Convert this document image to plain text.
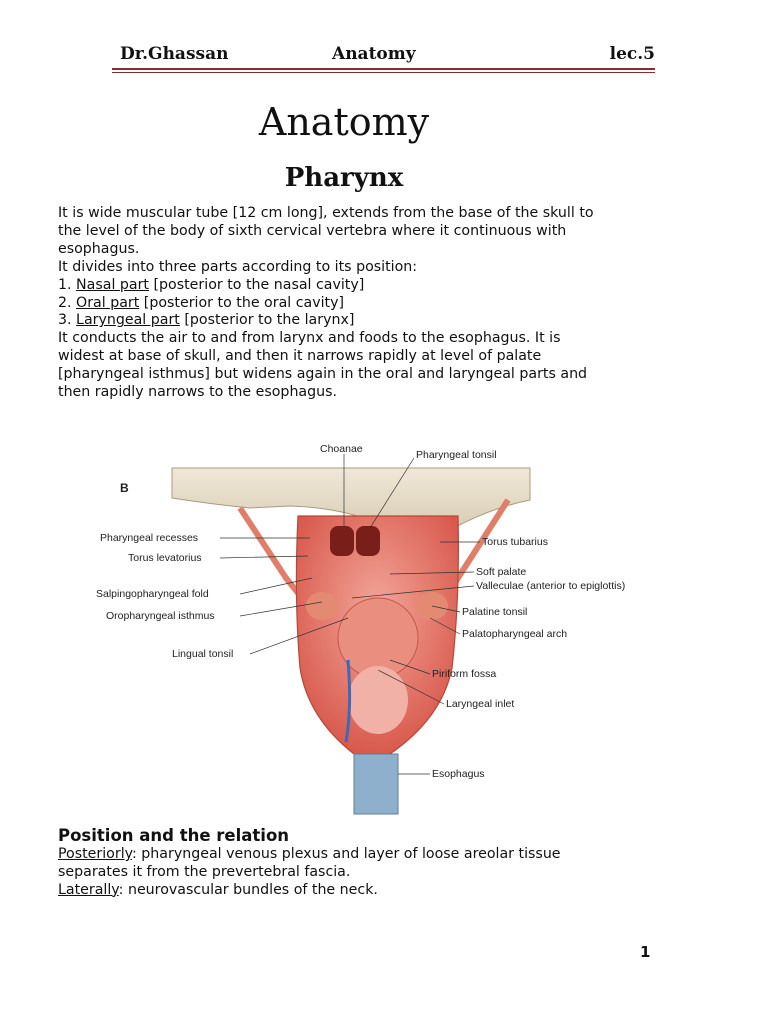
Dr.Ghassan	Anatomy	lec.5
Anatomy
Pharynx

It is wide muscular tube [12 cm long], extends from the base of the skull to

the level of the body of sixth cervical vertebra where it continuous with

esophagus.

It divides into three parts according to its position:

1. Nasal part [posterior to the nasal cavity]

2. Oral part [posterior to the oral cavity]

3. Laryngeal part [posterior to the larynx]

It conducts the air to and from larynx and foods to the esophagus. It is

widest at base of skull, and then it narrows rapidly at level of palate

[pharyngeal isthmus] but widens again in the oral and laryngeal parts and

then rapidly narrows to the esophagus.

B
Choanae	Pharyngeal tonsil
Pharyngeal recesses
Torus levatorius
Torus tubarius
Soft palate
Salpingopharyngeal fold
Valleculae (anterior to epiglottis)
Oropharyngeal isthmus	Palatine tonsil
Palatopharyngeal arch
Lingual tonsil
Piriform fossa
Laryngeal inlet
Esophagus
Position and the relation

Posteriorly: pharyngeal venous plexus and layer of loose areolar tissue

separates it from the prevertebral fascia.

Laterally: neurovascular bundles of the neck.

1
